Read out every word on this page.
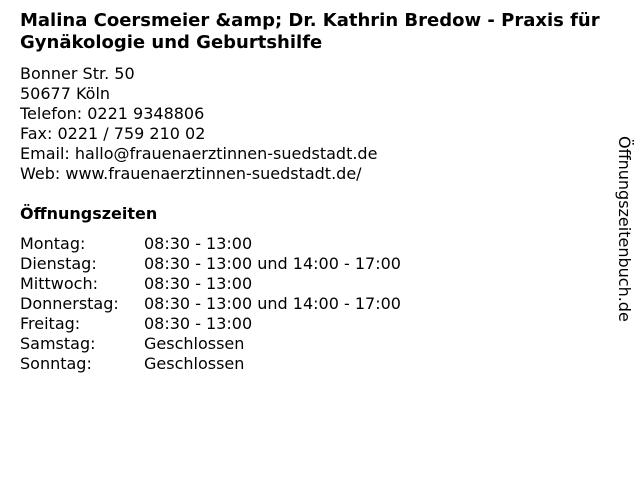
Malina Coersmeier &amp; Dr. Kathrin Bredow - Praxis für Gynäkologie und Geburtshilfe
Bonner Str. 50
50677 Köln
Telefon: 0221 9348806
Fax: 0221 / 759 210 02
Email: hallo@frauenaerztinnen-suedstadt.de
Web: www.frauenaerztinnen-suedstadt.de/
Öffnungszeiten
Montag:	08:30 - 13:00
Dienstag:	08:30 - 13:00 und 14:00 - 17:00
Mittwoch:	08:30 - 13:00
Donnerstag:	08:30 - 13:00 und 14:00 - 17:00
Freitag:	08:30 - 13:00
Samstag:	Geschlossen
Sonntag:	Geschlossen
Öffnungszeitenbuch.de
